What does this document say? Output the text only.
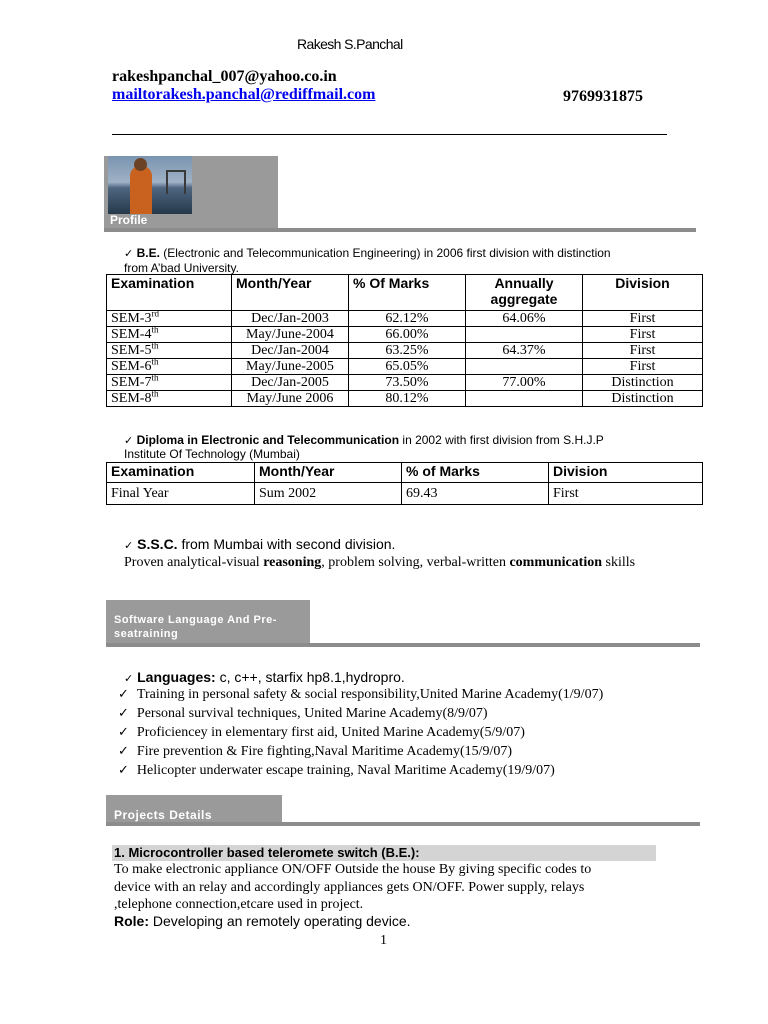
Rakesh S.Panchal
rakeshpanchal_007@yahoo.co.in
mailtorakesh.panchal@rediffmail.com	9769931875
Profile
✓ B.E. (Electronic and Telecommunication Engineering) in 2006 first division with distinction
from A’bad University.
Examination	Month/Year	% Of Marks	Annually aggregate	Division
SEM-3rd	Dec/Jan-2003	62.12%	64.06%	First
SEM-4th	May/June-2004	66.00%		First
SEM-5th	Dec/Jan-2004	63.25%	64.37%	First
SEM-6th	May/June-2005	65.05%		First
SEM-7th	Dec/Jan-2005	73.50%	77.00%	Distinction
SEM-8th	May/June 2006	80.12%		Distinction
✓ Diploma in Electronic and Telecommunication in 2002 with first division from S.H.J.P
Institute Of Technology (Mumbai)
Examination	Month/Year	% of Marks	Division
Final Year	Sum 2002	69.43	First
✓ S.S.C. from Mumbai with second division.
Proven analytical-visual reasoning, problem solving, verbal-written communication skills
Software Language And Pre-
seatraining
✓ Languages: c, c++, starfix hp8.1,hydropro.
✓ Training in personal safety & social responsibility,United Marine Academy(1/9/07)
✓ Personal survival techniques, United Marine Academy(8/9/07)
✓ Proficiencey in elementary first aid, United Marine Academy(5/9/07)
✓ Fire prevention & Fire fighting,Naval Maritime Academy(15/9/07)
✓ Helicopter underwater escape training, Naval Maritime Academy(19/9/07)
Projects Details
1. Microcontroller based teleromete switch (B.E.):
To make electronic appliance ON/OFF Outside the house By giving specific codes to
device with an relay and accordingly appliances gets ON/OFF. Power supply, relays
,telephone connection,etcare used in project.
Role: Developing an remotely operating device.
1
